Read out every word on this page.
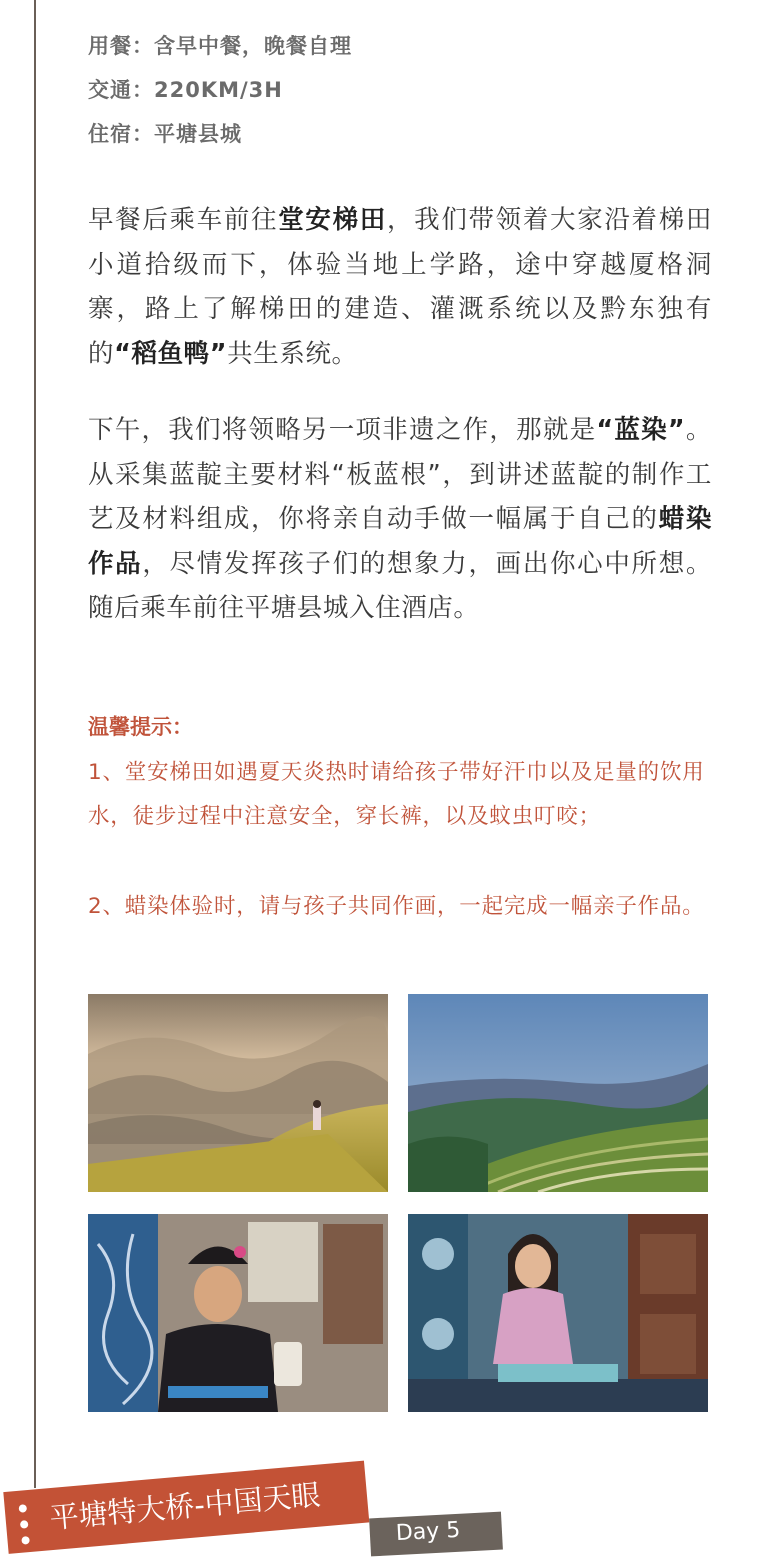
用餐：含早中餐，晚餐自理
交通：220KM/3H
住宿：平塘县城

早餐后乘车前往堂安梯田，我们带领着大家沿着梯田小道拾级而下，体验当地上学路，途中穿越厦格洞寨，路上了解梯田的建造、灌溉系统以及黔东独有的“稻鱼鸭”共生系统。

下午，我们将领略另一项非遗之作，那就是“蓝染”。从采集蓝靛主要材料“板蓝根”，到讲述蓝靛的制作工艺及材料组成，你将亲自动手做一幅属于自己的蜡染作品，尽情发挥孩子们的想象力，画出你心中所想。随后乘车前往平塘县城入住酒店。

温馨提示：

1、堂安梯田如遇夏天炎热时请给孩子带好汗巾以及足量的饮用水，徒步过程中注意安全，穿长裤，以及蚊虫叮咬；

2、蜡染体验时，请与孩子共同作画，一起完成一幅亲子作品。

平塘特大桥-中国天眼	Day 5
